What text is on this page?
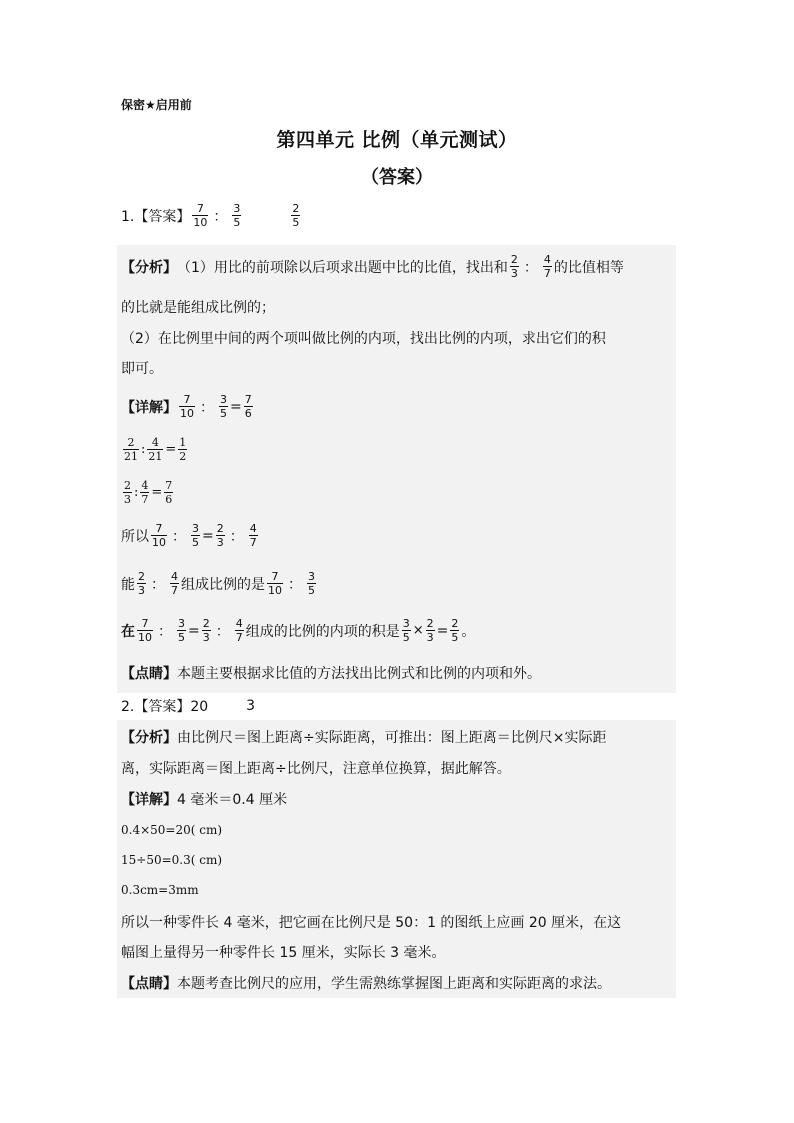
保密★启用前
第四单元 比例（单元测试）
（答案）
1.【答案】 $\frac{7}{10}$ ： $\frac{3}{5}$	$\frac{2}{5}$
【分析】 （1）用比的前项除以后项求出题中比的比值，找出和 $\frac{2}{3}$ ： $\frac{4}{7}$ 的比值相等
的比就是能组成比例的；
（2）在比例里中间的两个项叫做比例的内项，找出比例的内项，求出它们的积
即可。
【详解】 $\frac{7}{10}$ ： $\frac{3}{5} = \frac{7}{6}$
$\frac{2}{21}$ : $\frac{4}{21} = \frac{1}{2}$
$\frac{2}{3}$ : $\frac{4}{7} = \frac{7}{6}$
所以 $\frac{7}{10}$ ： $\frac{3}{5} = \frac{2}{3}$ ： $\frac{4}{7}$
能 $\frac{2}{3}$ ： $\frac{4}{7}$ 组成比例的是 $\frac{7}{10}$ ： $\frac{3}{5}$
在 $\frac{7}{10}$ ： $\frac{3}{5} = \frac{2}{3}$ ： $\frac{4}{7}$ 组成的比例的内项的积是 $\frac{3}{5} \times \frac{2}{3} = \frac{2}{5}$ 。
【点睛】 本题主要根据求比值的方法找出比例式和比例的内项和外。
2.【答案】20	3
【分析】 由比例尺＝图上距离÷实际距离，可推出：图上距离＝比例尺×实际距
离，实际距离＝图上距离÷比例尺，注意单位换算，据此解答。
【详解】 4 毫米＝0.4 厘米
0.4×50=20( cm)
15÷50=0.3( cm)
0.3cm=3mm
所以一种零件长 4 毫米，把它画在比例尺是 50：1 的图纸上应画 20 厘米，在这
幅图上量得另一种零件长 15 厘米，实际长 3 毫米。
【点睛】 本题考查比例尺的应用，学生需熟练掌握图上距离和实际距离的求法。
